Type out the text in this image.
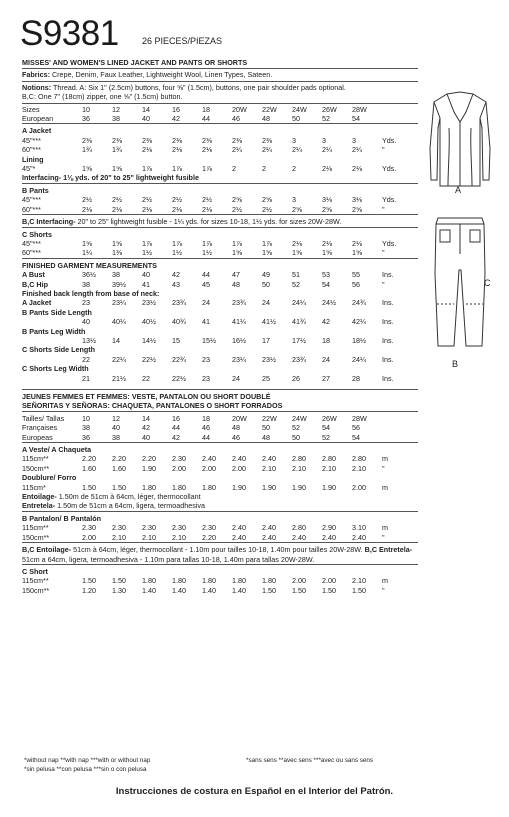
S9381	26 PIECES/PIEZAS
MISSES' AND WOMEN'S LINED JACKET AND PANTS OR SHORTS
Fabrics: Crepe, Denim, Faux Leather, Lightweight Wool, Linen Types, Sateen.
Notions: Thread. A: Six 1" (2.5cm) buttons, four ⅝" (1.5cm), buttons, one pair shoulder pads optional.
B,C: One 7" (18cm) zipper, one ⅝" (1.5cm) button.
Sizes	10	12	14	16	18	20W	22W	24W	26W	28W	
European	36	38	40	42	44	46	48	50	52	54	

A Jacket											
45"***	2⅜	2⅜	2⅜	2⅜	2⅜	2⅜	2⅜	3	3	3	Yds.
60"***	1¾	1¾	2⅛	2⅛	2⅛	2¼	2¼	2¼	2¼	2¼	"
Lining											
45"*	1⅝	1⅝	1⅞	1⅞	1⅞	2	2	2	2⅛	2⅛	Yds.
Interfacing- 1⅛ yds. of 20" to 25" lightweight fusible											

B Pants											
45"***	2½	2½	2½	2½	2½	2⅝	2⅝	3	3⅛	3⅛	Yds.
60"***	2⅛	2⅛	2⅛	2⅛	2⅛	2½	2½	2⅝	2⅝	2⅝	"

B,C Interfacing- 20" to 25" lightweight fusible - 1¼ yds. for sizes 10-18, 1½ yds. for sizes 20W-28W.											

C Shorts											
45"***	1⅝	1⅝	1⅞	1⅞	1⅞	1⅞	1⅞	2⅛	2⅛	2⅛	Yds.
60"***	1¼	1⅜	1½	1½	1½	1⅝	1⅝	1⅝	1⅝	1⅝	"

FINISHED GARMENT MEASUREMENTS											
A Bust	36½	38	40	42	44	47	49	51	53	55	Ins.
B,C Hip	38	39½	41	43	45	48	50	52	54	56	"
Finished back length from base of neck:											
A Jacket	23	23¼	23½	23¾	24	23¾	24	24¼	24½	24¾	Ins.
B Pants Side Length											
	40	40¼	40½	40¾	41	41¼	41½	41¾	42	42¼	Ins.
B Pants Leg Width											
	13½	14	14½	15	15½	16½	17	17½	18	18½	Ins.
C Shorts Side Length											
	22	22¼	22½	22¾	23	23¼	23½	23¾	24	24¼	Ins.
C Shorts Leg Width											
	21	21½	22	22½	23	24	25	26	27	28	Ins.

JEUNES FEMMES ET FEMMES: VESTE, PANTALON OU SHORT DOUBLÉ											
SEÑORITAS Y SEÑORAS: CHAQUETA, PANTALONES O SHORT FORRADOS											

Tailles/ Tallas	10	12	14	16	18	20W	22W	24W	26W	28W	
Françaises	38	40	42	44	46	48	50	52	54	56	
Europeas	36	38	40	42	44	46	48	50	52	54	

A Veste/ A Chaqueta											
115cm**	2.20	2.20	2.20	2.30	2.40	2.40	2.40	2.80	2.80	2.80	m
150cm**	1.60	1.60	1.90	2.00	2.00	2.00	2.10	2.10	2.10	2.10	"
Doublure/ Forro											
115cm*	1.50	1.50	1.80	1.80	1.80	1.90	1.90	1.90	1.90	2.00	m
Entoilage- 1.50m de 51cm à 64cm, léger, thermocollant											
Entretela- 1.50m de 51cm a 64cm, ligera, termoadhesiva											

B Pantalon/ B Pantalón											
115cm**	2.30	2.30	2.30	2.30	2.30	2.40	2.40	2.80	2.90	3.10	m
150cm**	2.00	2.10	2.10	2.10	2.20	2.40	2.40	2.40	2.40	2.40	"

B,C Entoilage- 51cm à 64cm, léger, thermocollant - 1.10m pour tailles 10-18, 1.40m pour tailles 20W-28W. B,C Entretela- 51cm a 64cm, ligera, termoadhesiva - 1.10m para tallas 10-18, 1.40m para tallas 20W-28W.											

C Short											
115cm**	1.50	1.50	1.80	1.80	1.80	1.80	1.80	2.00	2.00	2.10	m
150cm**	1.20	1.30	1.40	1.40	1.40	1.40	1.50	1.50	1.50	1.50	"
*without nap **with nap ***with or without nap
*sin pelusa **con pelusa ***sin o con pelusa
*sans sens **avec sens ***avec ou sans sens
Instrucciones de costura en Español en el Interior del Patrón.
A
C
B
